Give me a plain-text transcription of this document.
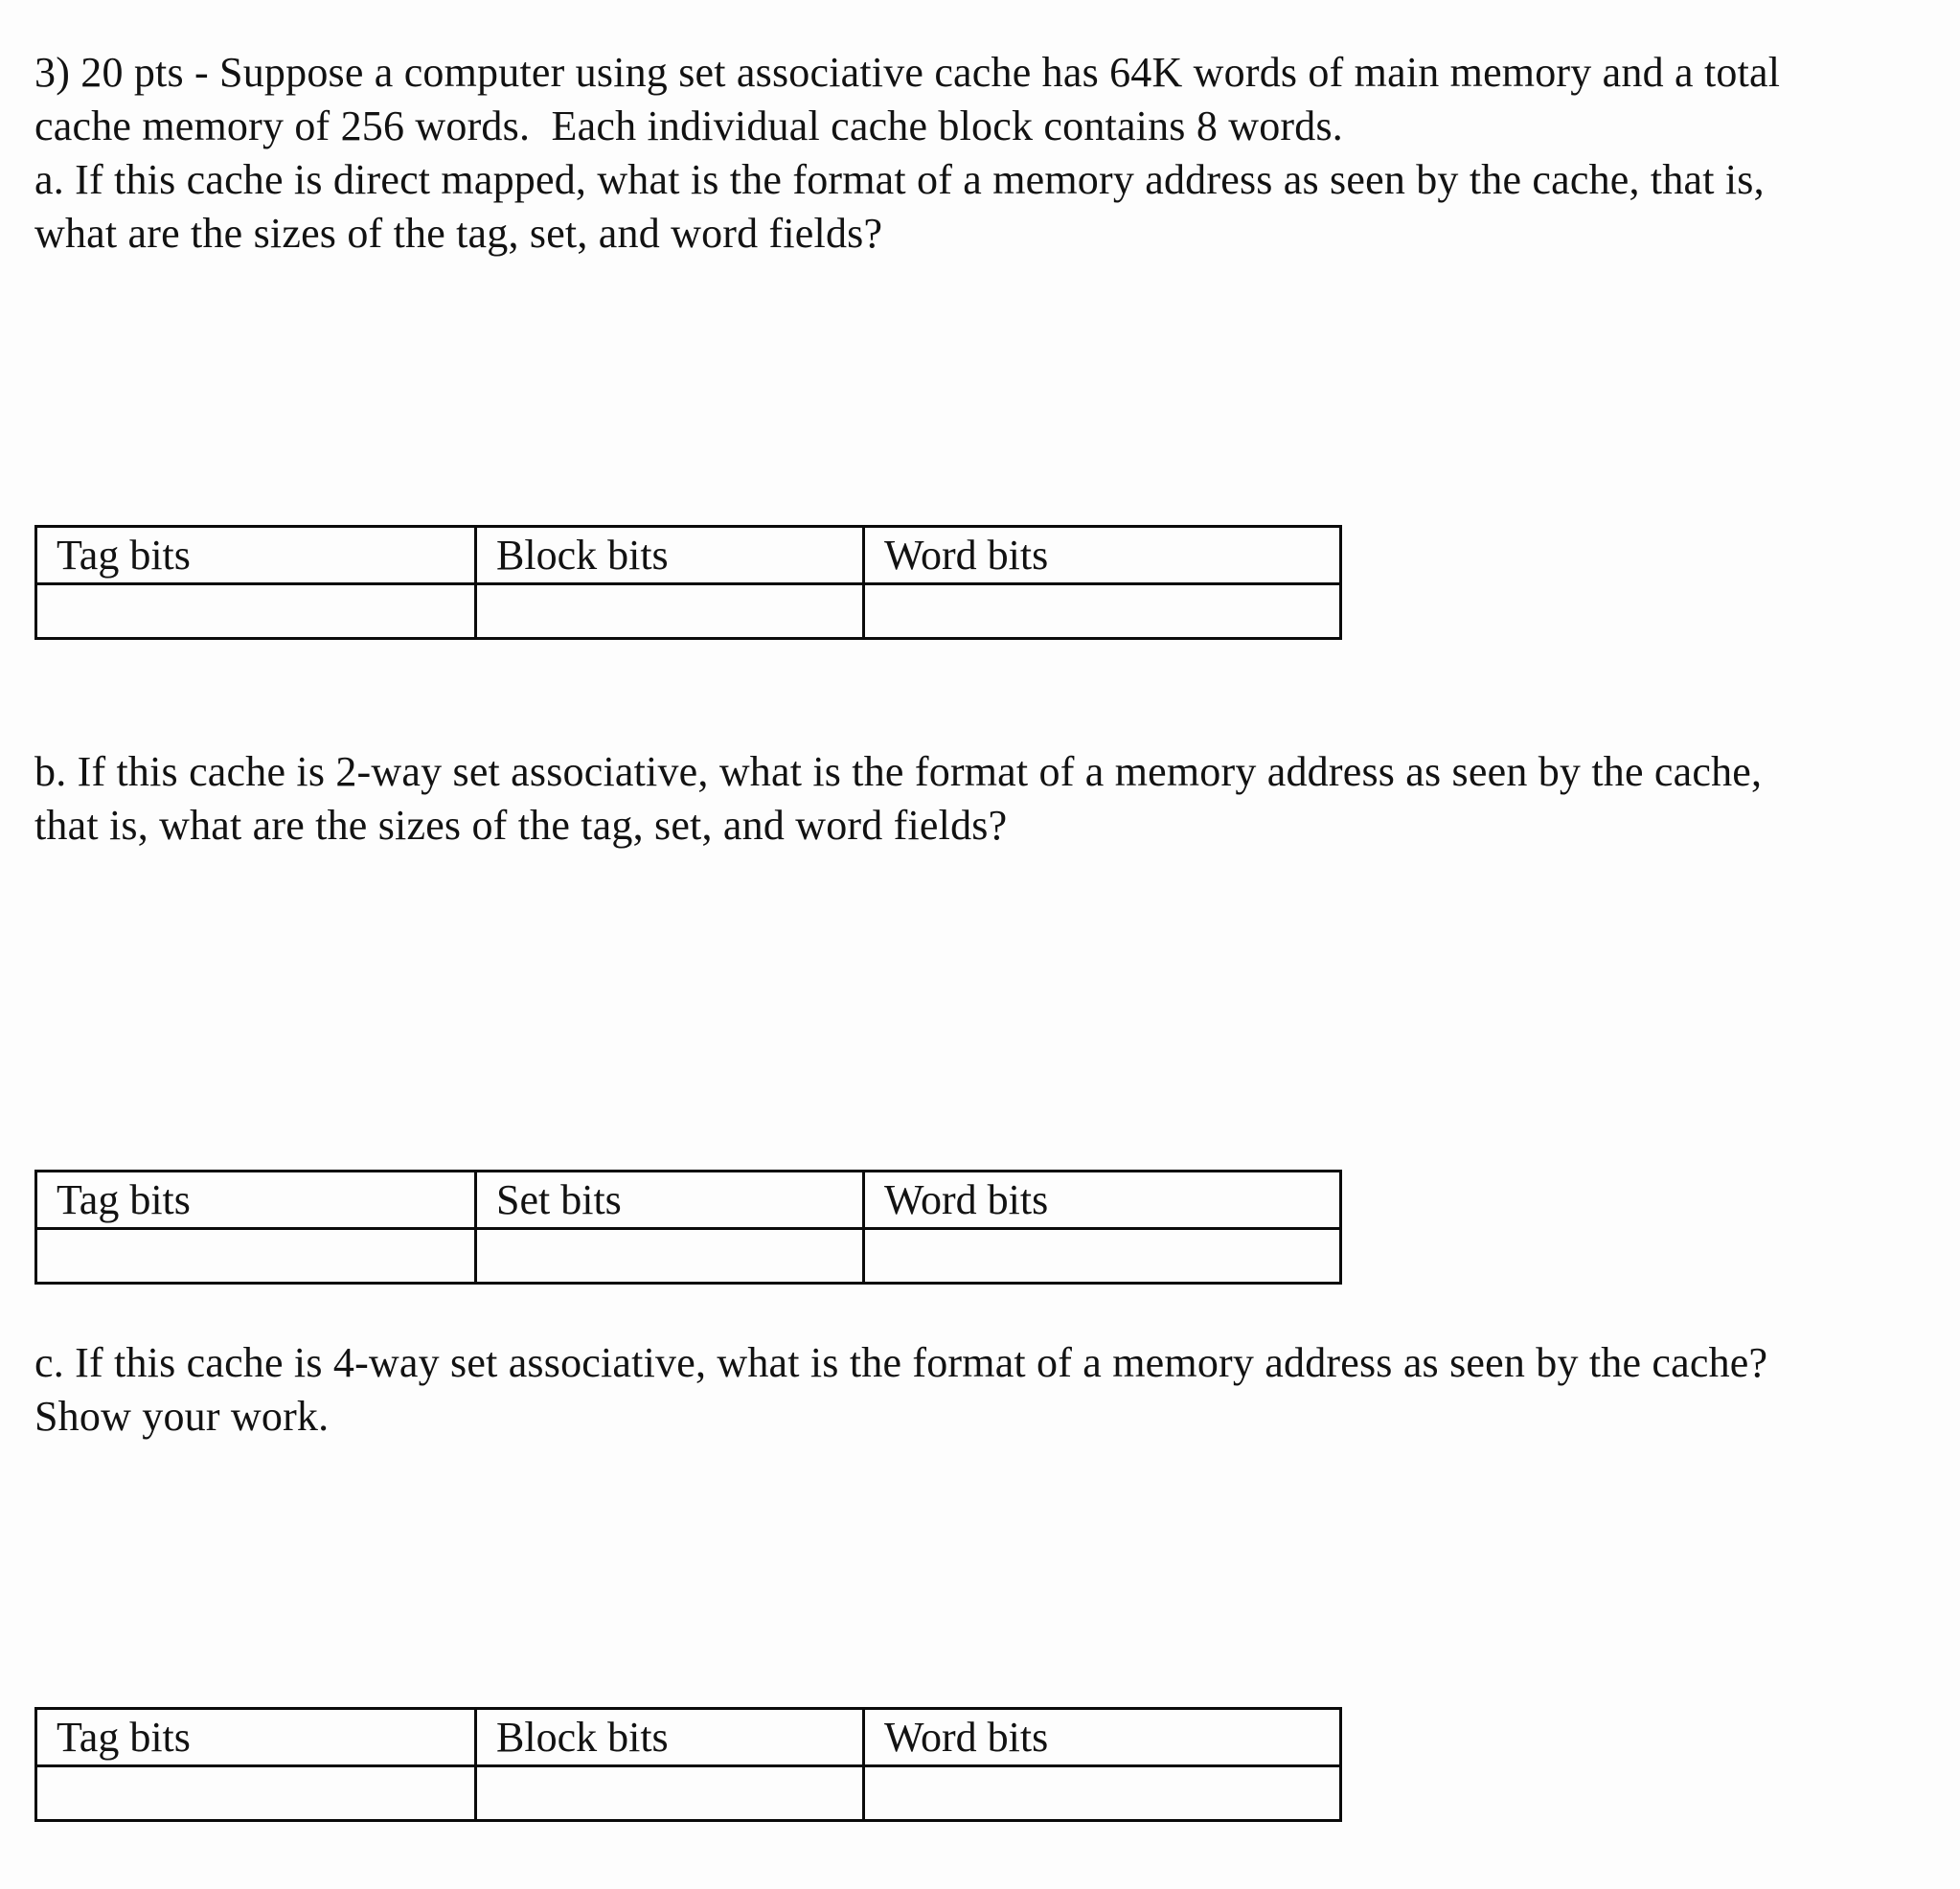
3) 20 pts - Suppose a computer using set associative cache has 64K words of main memory and a total
cache memory of 256 words.  Each individual cache block contains 8 words.
a. If this cache is direct mapped, what is the format of a memory address as seen by the cache, that is,
what are the sizes of the tag, set, and word fields?
Tag bits	Block bits	Word bits

b. If this cache is 2-way set associative, what is the format of a memory address as seen by the cache,
that is, what are the sizes of the tag, set, and word fields?
Tag bits	Set bits	Word bits

c. If this cache is 4-way set associative, what is the format of a memory address as seen by the cache?
Show your work.
Tag bits	Block bits	Word bits
